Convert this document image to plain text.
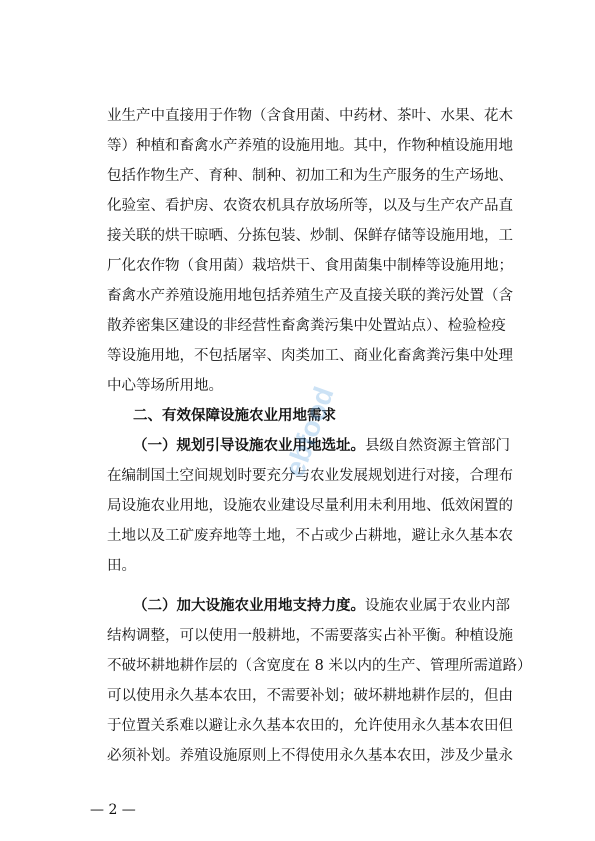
业生产中直接用于作物（含食用菌、中药材、茶叶、水果、花木
等）种植和畜禽水产养殖的设施用地。其中，作物种植设施用地
包括作物生产、育种、制种、初加工和为生产服务的生产场地、
化验室、看护房、农资农机具存放场所等，以及与生产农产品直
接关联的烘干晾晒、分拣包装、炒制、保鲜存储等设施用地，工
厂化农作物（食用菌）栽培烘干、食用菌集中制棒等设施用地；
畜禽水产养殖设施用地包括养殖生产及直接关联的粪污处置（含
散养密集区建设的非经营性畜禽粪污集中处置站点）、检验检疫
等设施用地，不包括屠宰、肉类加工、商业化畜禽粪污集中处理
中心等场所用地。
二、有效保障设施农业用地需求
（一）规划引导设施农业用地选址。县级自然资源主管部门
在编制国土空间规划时要充分与农业发展规划进行对接，合理布
局设施农业用地，设施农业建设尽量利用未利用地、低效闲置的
土地以及工矿废弃地等土地，不占或少占耕地，避让永久基本农
田。
（二）加大设施农业用地支持力度。设施农业属于农业内部
结构调整，可以使用一般耕地，不需要落实占补平衡。种植设施
不破坏耕地耕作层的（含宽度在 8 米以内的生产、管理所需道路）
可以使用永久基本农田，不需要补划；破坏耕地耕作层的，但由
于位置关系难以避让永久基本农田的，允许使用永久基本农田但
必须补划。养殖设施原则上不得使用永久基本农田，涉及少量永
— 2 —
ebfood
